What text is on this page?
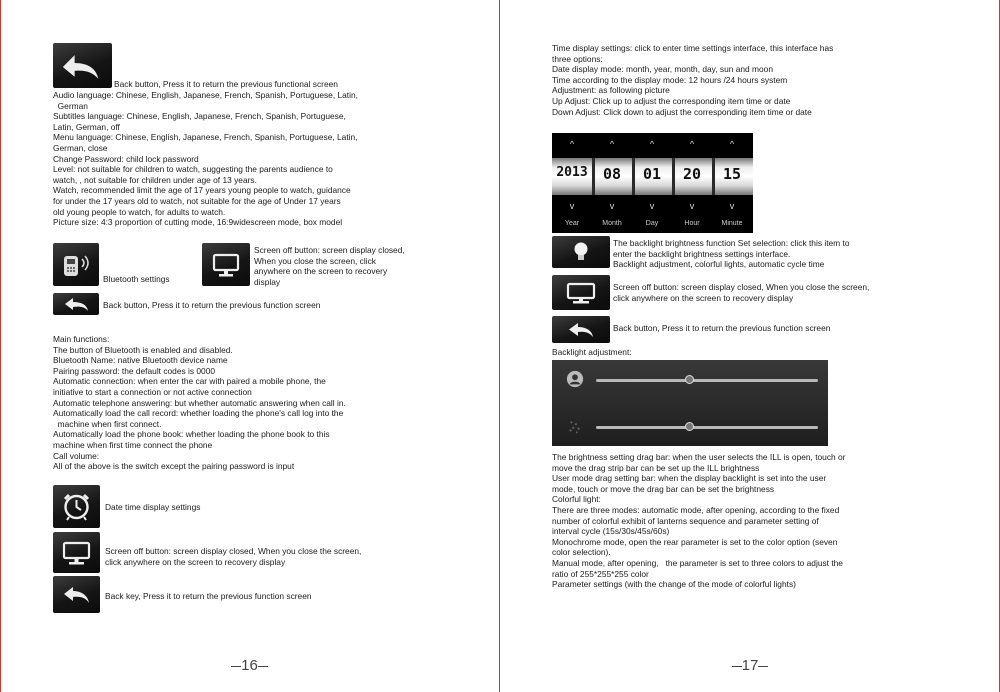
Back button, Press it to return the previous functional screen
Audio language: Chinese, English, Japanese, French, Spanish, Portuguese, Latin,
German
Subtitles language: Chinese, English, Japanese, French, Spanish, Portuguese,
Latin, German, off
Menu language: Chinese, English, Japanese, French, Spanish, Portuguese, Latin,
German, close
Change Password: child lock password
Level: not suitable for children to watch, suggesting the parents audience to
watch, , not suitable for children under age of 13 years.
Watch, recommended limit the age of 17 years young people to watch, guidance
for under the 17 years old to watch, not suitable for the age of Under 17 years
old young people to watch, for adults to watch.
Picture size: 4:3 proportion of cutting mode, 16:9widescreen mode, box model
Bluetooth settings
Screen off button: screen display closed,
When you close the screen, click
anywhere on the screen to recovery
display
Back button, Press it to return the previous function screen
Main functions:
The button of Bluetooth is enabled and disabled.
Bluetooth Name: native Bluetooth device name
Pairing password: the default codes is 0000
Automatic connection: when enter the car with paired a mobile phone, the
initiative to start a connection or not active connection
Automatic telephone answering: but whether automatic answering when call in.
Automatically load the call record: whether loading the phone's call log into the
machine when first connect.
Automatically load the phone book: whether loading the phone book to this
machine when first time connect the phone
Call volume:
All of the above is the switch except the pairing password is input
Date time display settings
Screen off button: screen display closed, When you close the screen,
click anywhere on the screen to recovery display
Back key, Press it to return the previous function screen
16	17
Time display settings: click to enter time settings interface, this interface has
three options:
Date display mode: month, year, month, day, sun and moon
Time according to the display mode: 12 hours /24 hours system
Adjustment: as following picture
Up Adjust: Click up to adjust the corresponding item time or date
Down Adjust: Click down to adjust the corresponding item time or date
^
2013
v
Year
^
08
v
Month
^
01
v
Day
^
20
v
Hour
^
15
v
Minute
The backlight brightness function Set selection: click this item to
enter the backlight brightness settings interface.
Backlight adjustment, colorful lights, automatic cycle time
Screen off button: screen display closed, When you close the screen,
click anywhere on the screen to recovery display
Back button, Press it to return the previous function screen
Backlight adjustment:
The brightness setting drag bar: when the user selects the ILL is open, touch or
move the drag strip bar can be set up the ILL brightness
User mode drag setting bar: when the display backlight is set into the user
mode, touch or move the drag bar can be set the brightness
Colorful light:
There are three modes: automatic mode, after opening, according to the fixed
number of colorful exhibit of lanterns sequence and parameter setting of
interval cycle (15s/30s/45s/60s)
Monochrome mode, open the rear parameter is set to the color option (seven
color selection).
Manual mode, after opening,   the parameter is set to three colors to adjust the
ratio of 255*255*255 color
Parameter settings (with the change of the mode of colorful lights)
